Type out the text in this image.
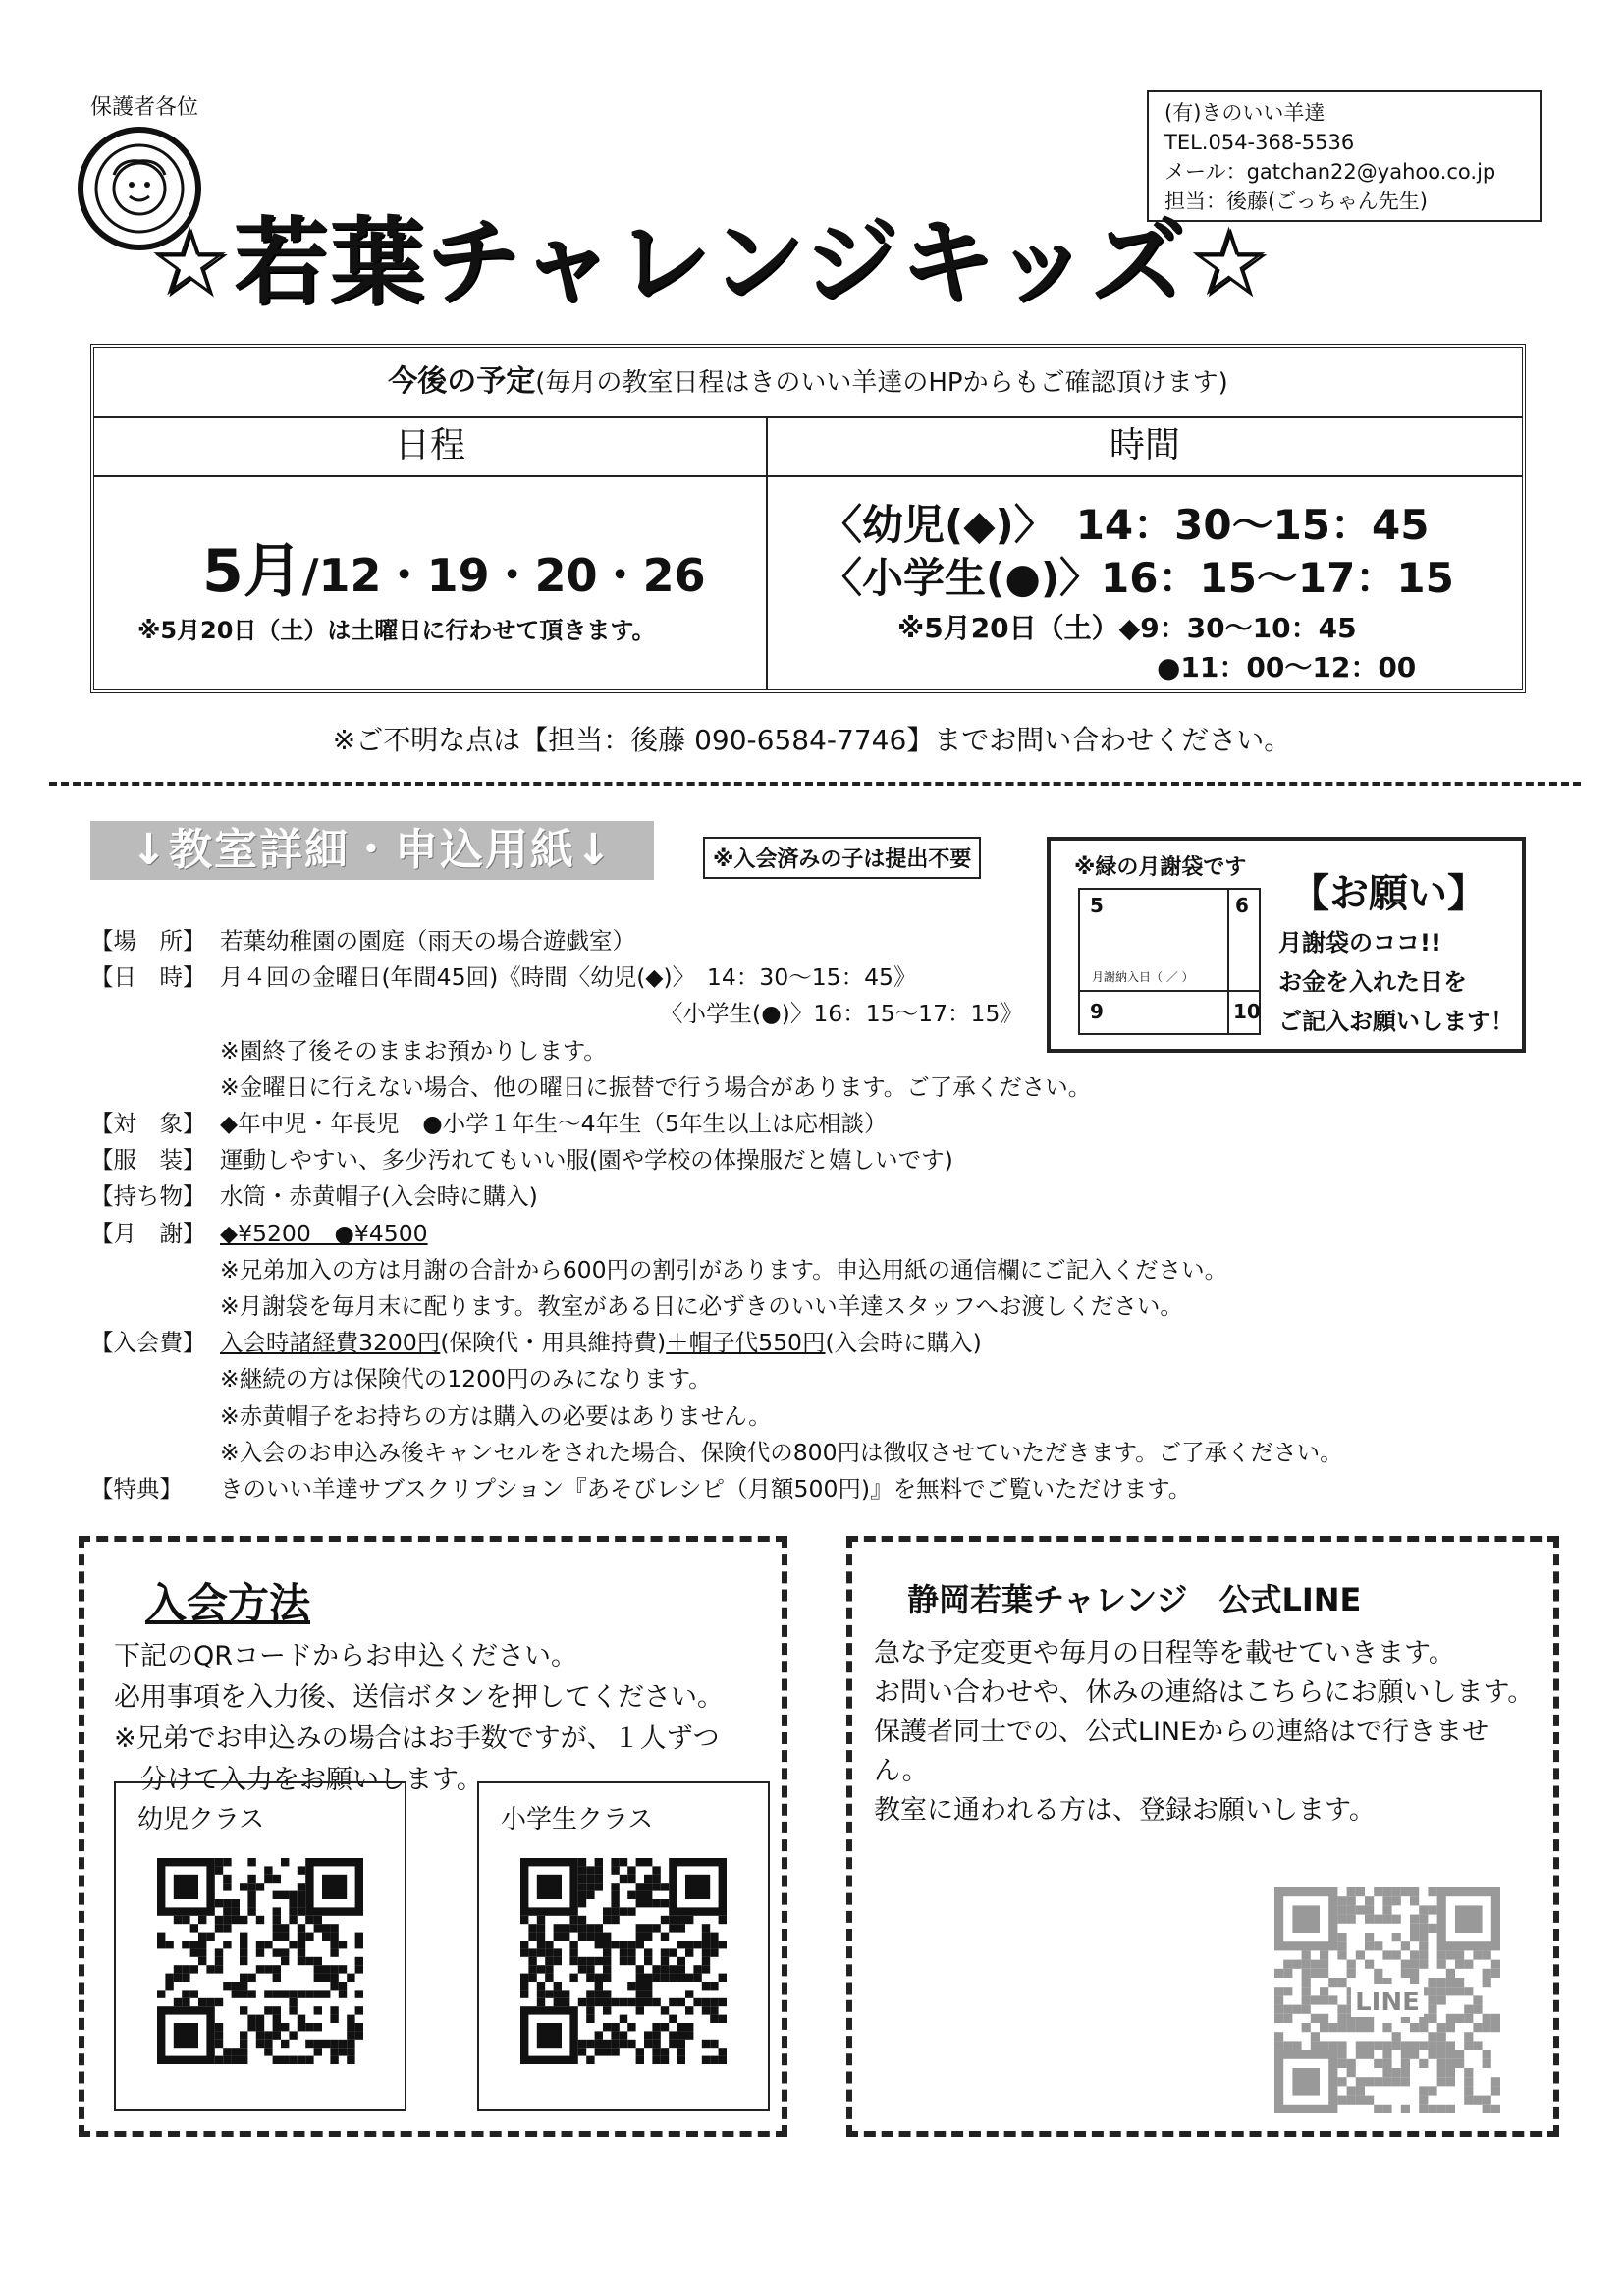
保護者各位	(有)きのいい羊達
TEL.054-368-5536
メール：gatchan22@yahoo.co.jp
担当：後藤(ごっちゃん先生)
☆若葉チャレンジキッズ☆
今後の予定(毎月の教室日程はきのいい羊達のHPからもご確認頂けます)
日程	時間
5月/12・19・20・26
※5月20日（土）は土曜日に行わせて頂きます。
〈幼児(◆)〉　14：30～15：45
〈小学生(●)〉16：15～17：15
※5月20日（土）◆9：30～10：45
●11：00～12：00
※ご不明な点は【担当：後藤 090-6584-7746】までお問い合わせください。
↓教室詳細・申込用紙↓	※入会済みの子は提出不要	※緑の月謝袋です
5	6
9	10
月謝納入日（ ／ ）
【お願い】
月謝袋のココ!!
お金を入れた日を
ご記入お願いします！
【場　所】 若葉幼稚園の園庭（雨天の場合遊戯室）
【日　時】 月４回の金曜日(年間45回)《時間〈幼児(◆)〉　14：30～15：45》
〈小学生(●)〉16：15～17：15》
※園終了後そのままお預かりします。
※金曜日に行えない場合、他の曜日に振替で行う場合があります。ご了承ください。
【対　象】 ◆年中児・年長児　●小学１年生～4年生（5年生以上は応相談）
【服　装】 運動しやすい、多少汚れてもいい服(園や学校の体操服だと嬉しいです)
【持ち物】 水筒・赤黄帽子(入会時に購入)
【月　謝】 ◆¥5200　●¥4500
※兄弟加入の方は月謝の合計から600円の割引があります。申込用紙の通信欄にご記入ください。
※月謝袋を毎月末に配ります。教室がある日に必ずきのいい羊達スタッフへお渡しください。
【入会費】 入会時諸経費3200円 (保険代・用具維持費) ＋帽子代550円 (入会時に購入)
※継続の方は保険代の1200円のみになります。
※赤黄帽子をお持ちの方は購入の必要はありません。
※入会のお申込み後キャンセルをされた場合、保険代の800円は徴収させていただきます。ご了承ください。
【特典】	きのいい羊達サブスクリプション『あそびレシピ（月額500円)』を無料でご覧いただけます。
入会方法
下記のQRコードからお申込ください。
必用事項を入力後、送信ボタンを押してください。
※兄弟でお申込みの場合はお手数ですが、１人ずつ
　分けて入力をお願いします。
幼児クラス	小学生クラス
静岡若葉チャレンジ　公式LINE
急な予定変更や毎月の日程等を載せていきます。
お問い合わせや、休みの連絡はこちらにお願いします。
保護者同士での、公式LINEからの連絡はで行きません。
教室に通われる方は、登録お願いします。
LINE
